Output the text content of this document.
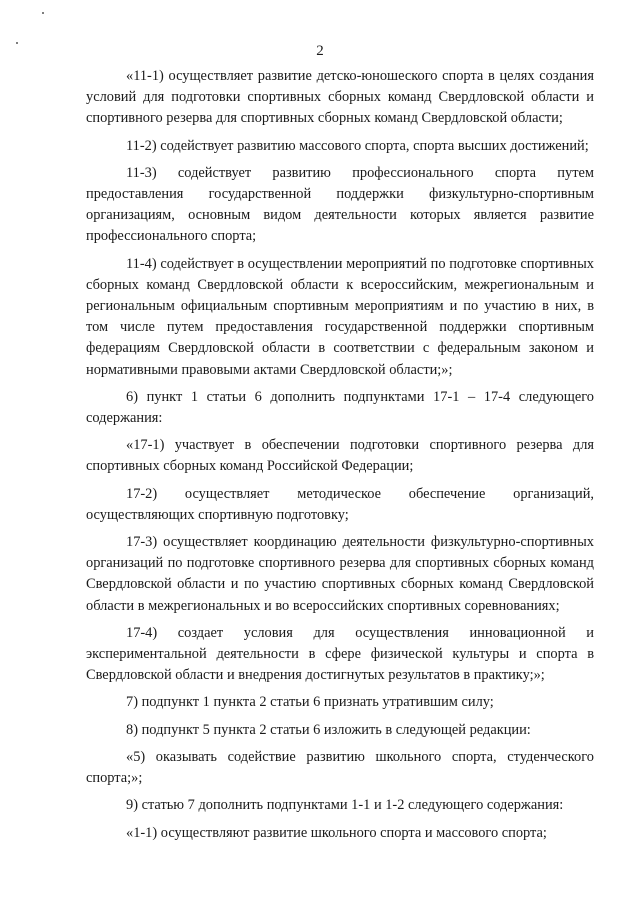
2

«11-1) осуществляет развитие детско-юношеского спорта в целях создания условий для подготовки спортивных сборных команд Свердловской области и спортивного резерва для спортивных сборных команд Свердловской области;

11-2) содействует развитию массового спорта, спорта высших достижений;

11-3) содействует развитию профессионального спорта путем предоставления государственной поддержки физкультурно-спортивным организациям, основным видом деятельности которых является развитие профессионального спорта;

11-4) содействует в осуществлении мероприятий по подготовке спортивных сборных команд Свердловской области к всероссийским, межрегиональным и региональным официальным спортивным мероприятиям и по участию в них, в том числе путем предоставления государственной поддержки спортивным федерациям Свердловской области в соответствии с федеральным законом и нормативными правовыми актами Свердловской области;»;

6) пункт 1 статьи 6 дополнить подпунктами 17-1 – 17-4 следующего содержания:

«17-1) участвует в обеспечении подготовки спортивного резерва для спортивных сборных команд Российской Федерации;

17-2) осуществляет методическое обеспечение организаций, осуществляющих спортивную подготовку;

17-3) осуществляет координацию деятельности физкультурно-спортивных организаций по подготовке спортивного резерва для спортивных сборных команд Свердловской области и по участию спортивных сборных команд Свердловской области в межрегиональных и во всероссийских спортивных соревнованиях;

17-4) создает условия для осуществления инновационной и экспериментальной деятельности в сфере физической культуры и спорта в Свердловской области и внедрения достигнутых результатов в практику;»;

7) подпункт 1 пункта 2 статьи 6 признать утратившим силу;

8) подпункт 5 пункта 2 статьи 6 изложить в следующей редакции:

«5) оказывать содействие развитию школьного спорта, студенческого спорта;»;

9) статью 7 дополнить подпунктами 1-1 и 1-2 следующего содержания:

«1-1) осуществляют развитие школьного спорта и массового спорта;
